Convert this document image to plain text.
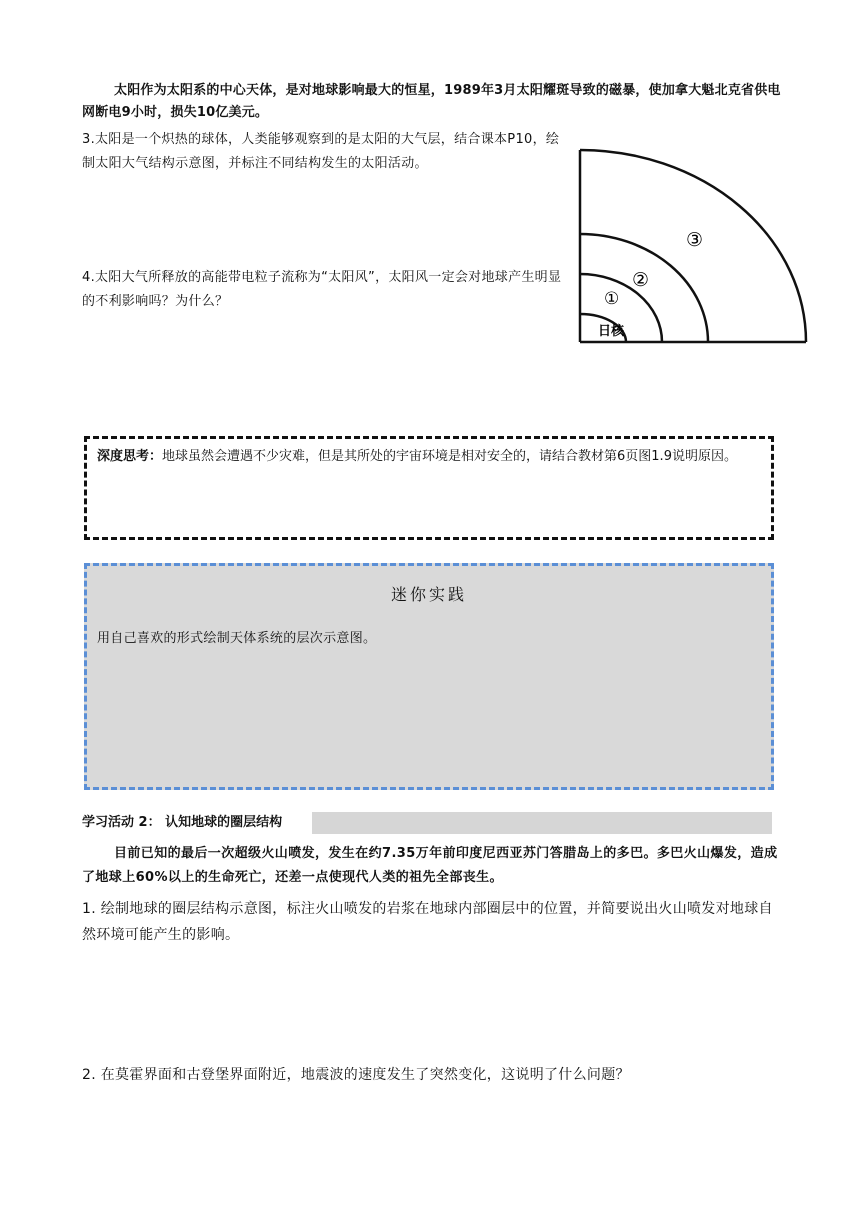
太阳作为太阳系的中心天体，是对地球影响最大的恒星，1989年3月太阳耀斑导致的磁暴，使加拿大魁北克省供电网断电9小时，损失10亿美元。
3.太阳是一个炽热的球体，人类能够观察到的是太阳的大气层，结合课本P10，绘制太阳大气结构示意图，并标注不同结构发生的太阳活动。
日核
①
②
③
4.太阳大气所释放的高能带电粒子流称为“太阳风”，太阳风一定会对地球产生明显的不利影响吗？为什么？
深度思考：地球虽然会遭遇不少灾难，但是其所处的宇宙环境是相对安全的，请结合教材第6页图1.9说明原因。
迷你实践
用自己喜欢的形式绘制天体系统的层次示意图。
学习活动 2： 认知地球的圈层结构
目前已知的最后一次超级火山喷发，发生在约7.35万年前印度尼西亚苏门答腊岛上的多巴。多巴火山爆发，造成了地球上60%以上的生命死亡，还差一点使现代人类的祖先全部丧生。
1. 绘制地球的圈层结构示意图，标注火山喷发的岩浆在地球内部圈层中的位置，并简要说出火山喷发对地球自然环境可能产生的影响。
2. 在莫霍界面和古登堡界面附近，地震波的速度发生了突然变化，这说明了什么问题？
